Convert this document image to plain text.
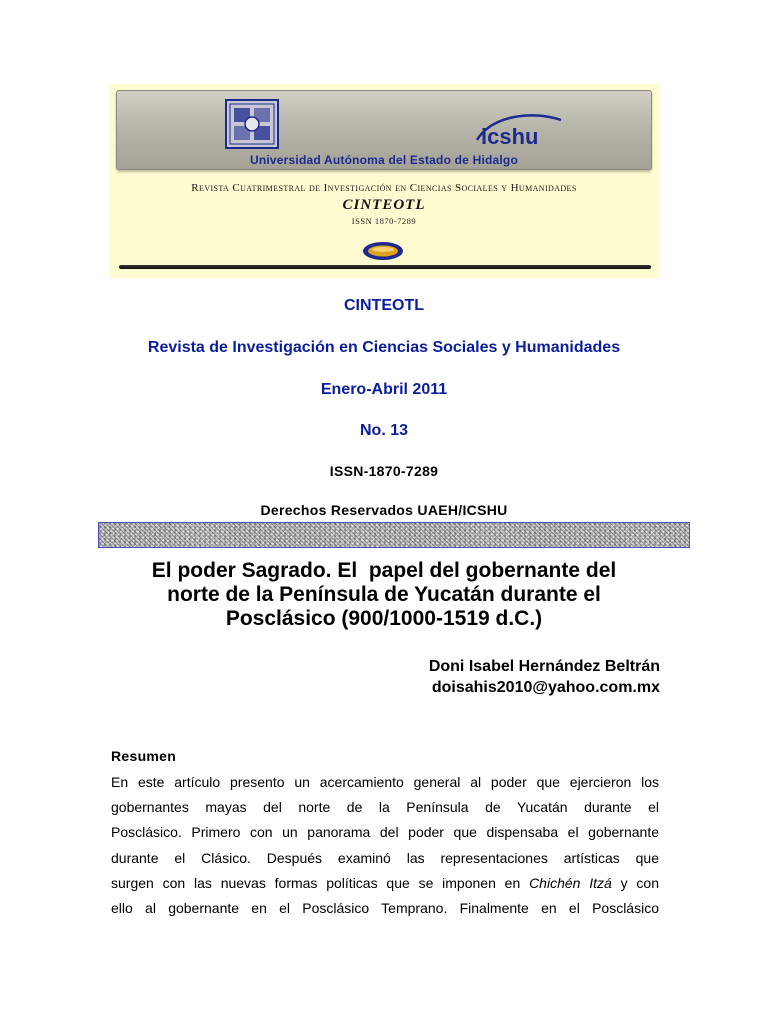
icshu
Universidad Autónoma del Estado de Hidalgo
Revista Cuatrimestral de Investigación en Ciencias Sociales y Humanidades
CINTEOTL
ISSN 1870-7289
CINTEOTL
Revista de Investigación en Ciencias Sociales y Humanidades
Enero-Abril 2011
No. 13
ISSN-1870-7289
Derechos Reservados UAEH/ICSHU
El poder Sagrado. El  papel del gobernante del
norte de la Península de Yucatán durante el
Posclásico (900/1000-1519 d.C.)
Doni Isabel Hernández Beltrán
doisahis2010@yahoo.com.mx
Resumen
En este artículo presento un acercamiento general al poder que ejercieron los
gobernantes mayas del norte de la Península de Yucatán durante el
Posclásico. Primero con un panorama del poder que dispensaba el gobernante
durante el Clásico. Después examinó las representaciones artísticas que
surgen con las nuevas formas políticas que se imponen en Chichén Itzá y con
ello al gobernante en el Posclásico Temprano. Finalmente en el Posclásico
